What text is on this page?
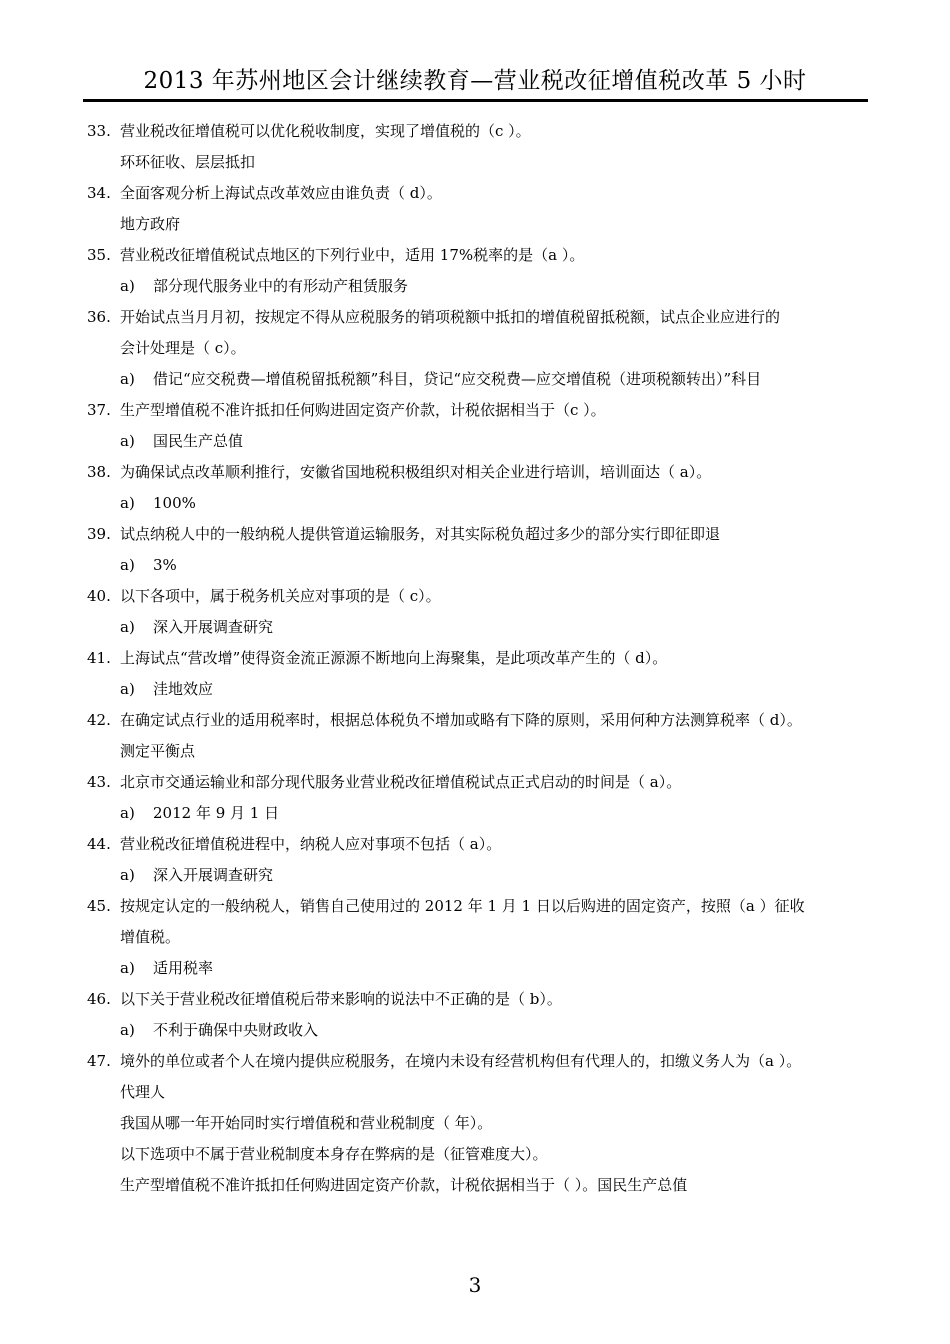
2013 年苏州地区会计继续教育—营业税改征增值税改革 5 小时
33. 营业税改征增值税可以优化税收制度，实现了增值税的（c ）。
环环征收、层层抵扣
34. 全面客观分析上海试点改革效应由谁负责（ d）。
地方政府
35. 营业税改征增值税试点地区的下列行业中，适用 17%税率的是（a ）。
a) 部分现代服务业中的有形动产租赁服务
36. 开始试点当月月初，按规定不得从应税服务的销项税额中抵扣的增值税留抵税额，试点企业应进行的
会计处理是（ c）。
a) 借记“应交税费—增值税留抵税额”科目，贷记“应交税费—应交增值税（进项税额转出）”科目
37. 生产型增值税不准许抵扣任何购进固定资产价款，计税依据相当于（c ）。
a) 国民生产总值
38. 为确保试点改革顺利推行，安徽省国地税积极组织对相关企业进行培训，培训面达（ a）。
a) 100%
39. 试点纳税人中的一般纳税人提供管道运输服务，对其实际税负超过多少的部分实行即征即退
a) 3%
40. 以下各项中，属于税务机关应对事项的是（ c）。
a) 深入开展调查研究
41. 上海试点“营改增”使得资金流正源源不断地向上海聚集，是此项改革产生的（ d）。
a) 洼地效应
42. 在确定试点行业的适用税率时，根据总体税负不增加或略有下降的原则，采用何种方法测算税率（ d）。
测定平衡点
43. 北京市交通运输业和部分现代服务业营业税改征增值税试点正式启动的时间是（ a）。
a) 2012 年 9 月 1 日
44. 营业税改征增值税进程中，纳税人应对事项不包括（ a）。
a) 深入开展调查研究
45. 按规定认定的一般纳税人，销售自己使用过的 2012 年 1 月 1 日以后购进的固定资产，按照（a ）征收
增值税。
a) 适用税率
46. 以下关于营业税改征增值税后带来影响的说法中不正确的是（ b）。
a) 不利于确保中央财政收入
47. 境外的单位或者个人在境内提供应税服务，在境内未设有经营机构但有代理人的，扣缴义务人为（a ）。
代理人
我国从哪一年开始同时实行增值税和营业税制度（ 年）。
以下选项中不属于营业税制度本身存在弊病的是（征管难度大）。
生产型增值税不准许抵扣任何购进固定资产价款，计税依据相当于（ ）。国民生产总值
3
